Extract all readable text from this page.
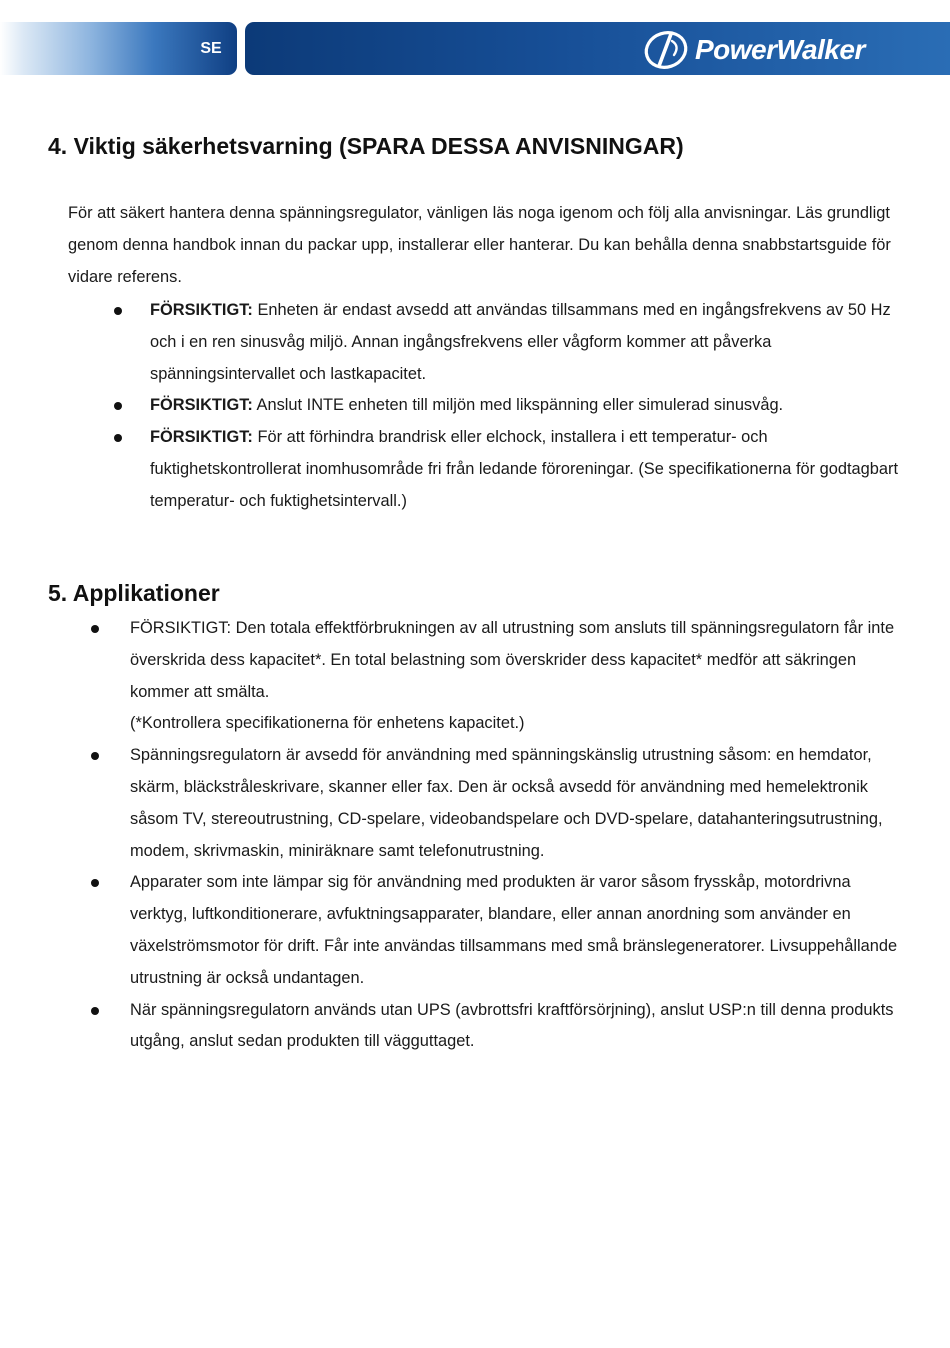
SE	PowerWalker
4. Viktig säkerhetsvarning (SPARA DESSA ANVISNINGAR)

För att säkert hantera denna spänningsregulator, vänligen läs noga igenom och följ alla anvisningar. Läs grundligt genom denna handbok innan du packar upp, installerar eller hanterar. Du kan behålla denna snabbstartsguide för vidare referens.

FÖRSIKTIGT: Enheten är endast avsedd att användas tillsammans med en ingångsfrekvens av 50 Hz och i en ren sinusvåg miljö. Annan ingångsfrekvens eller vågform kommer att påverka spänningsintervallet och lastkapacitet.
FÖRSIKTIGT: Anslut INTE enheten till miljön med likspänning eller simulerad sinusvåg.
FÖRSIKTIGT: För att förhindra brandrisk eller elchock, installera i ett temperatur- och fuktighetskontrollerat inomhusområde fri från ledande föroreningar. (Se specifikationerna för godtagbart temperatur- och fuktighetsintervall.)
5. Applikationer
FÖRSIKTIGT: Den totala effektförbrukningen av all utrustning som ansluts till spänningsregulatorn får inte överskrida dess kapacitet*. En total belastning som överskrider dess kapacitet* medför att säkringen kommer att smälta.
(*Kontrollera specifikationerna för enhetens kapacitet.)
Spänningsregulatorn är avsedd för användning med spänningskänslig utrustning såsom: en hemdator, skärm, bläckstråleskrivare, skanner eller fax. Den är också avsedd för användning med hemelektronik såsom TV, stereoutrustning, CD-spelare, videobandspelare och DVD-spelare, datahanteringsutrustning, modem, skrivmaskin, miniräknare samt telefonutrustning.
Apparater som inte lämpar sig för användning med produkten är varor såsom frysskåp, motordrivna verktyg, luftkonditionerare, avfuktningsapparater, blandare, eller annan anordning som använder en växelströmsmotor för drift. Får inte användas tillsammans med små bränslegeneratorer. Livsuppehållande utrustning är också undantagen.
När spänningsregulatorn används utan UPS (avbrottsfri kraftförsörjning), anslut USP:n till denna produkts utgång, anslut sedan produkten till vägguttaget.
